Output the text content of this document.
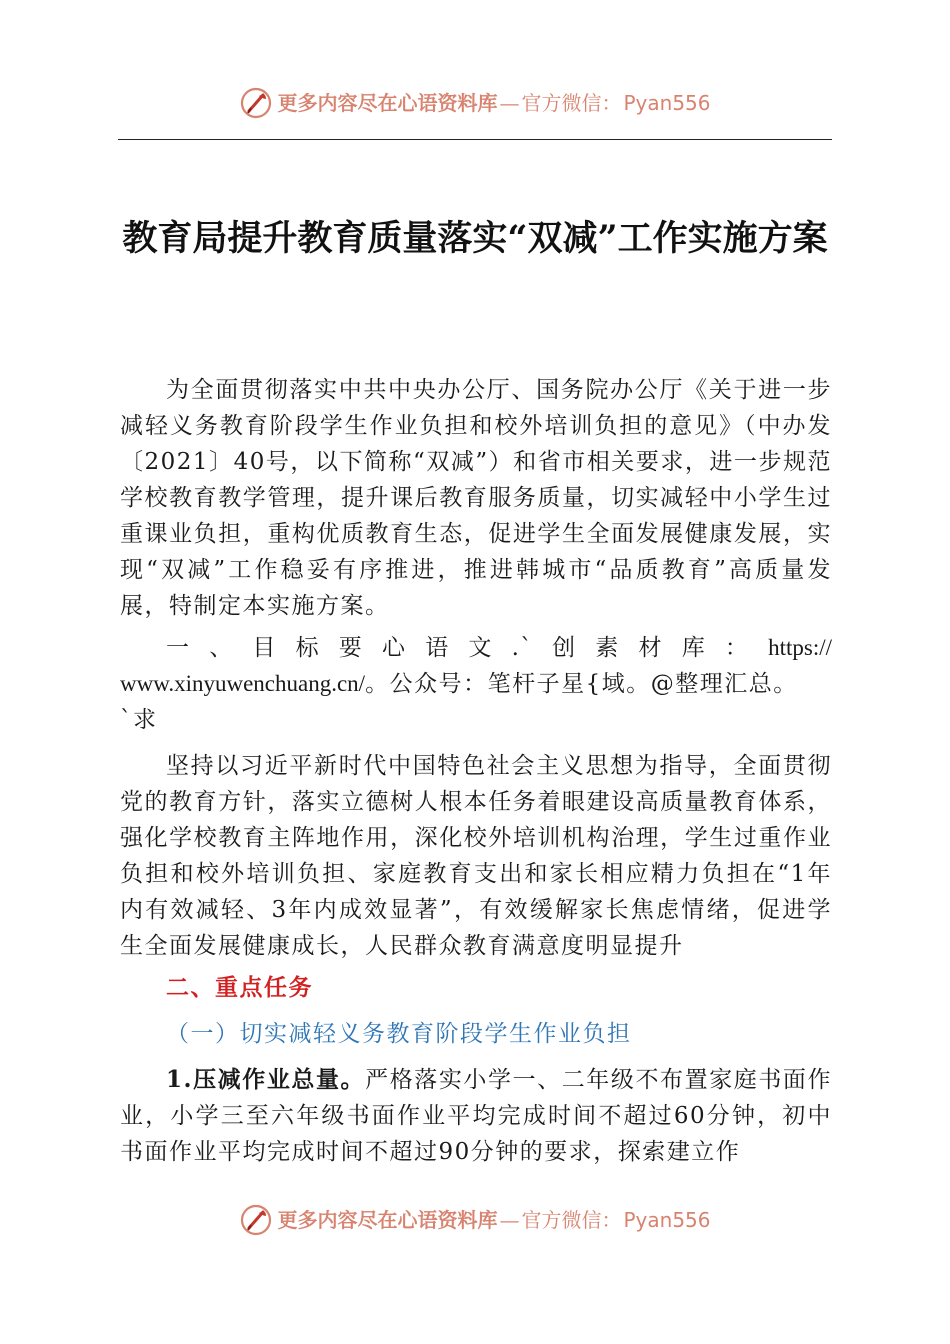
更多内容尽在心语资料库 — 官方微信： Pyan556
教育局提升教育质量落实“双减”工作实施方案

为全面贯彻落实中共中央办公厅、国务院办公厅《关于进一步减轻义务教育阶段学生作业负担和校外培训负担的意见》（中办发〔2021〕40号，以下简称“双减”）和省市相关要求，进一步规范学校教育教学管理，提升课后教育服务质量，切实减轻中小学生过重课业负担，重构优质教育生态，促进学生全面发展健康发展，实现“双减”工作稳妥有序推进，推进韩城市“品质教育”高质量发展，特制定本实施方案。

一、目标要心语文.`创素材库：https://

www.xinyuwenchuang.cn/。公众号：笔杆子星{域。@整理汇总。

`求

坚持以习近平新时代中国特色社会主义思想为指导，全面贯彻党的教育方针，落实立德树人根本任务着眼建设高质量教育体系，强化学校教育主阵地作用，深化校外培训机构治理，学生过重作业负担和校外培训负担、家庭教育支出和家长相应精力负担在“1年内有效减轻、3年内成效显著”，有效缓解家长焦虑情绪，促进学生全面发展健康成长，人民群众教育满意度明显提升

二、重点任务

（一）切实减轻义务教育阶段学生作业负担

1.压减作业总量。严格落实小学一、二年级不布置家庭书面作业，小学三至六年级书面作业平均完成时间不超过60分钟，初中书面作业平均完成时间不超过90分钟的要求，探索建立作

更多内容尽在心语资料库 — 官方微信： Pyan556
